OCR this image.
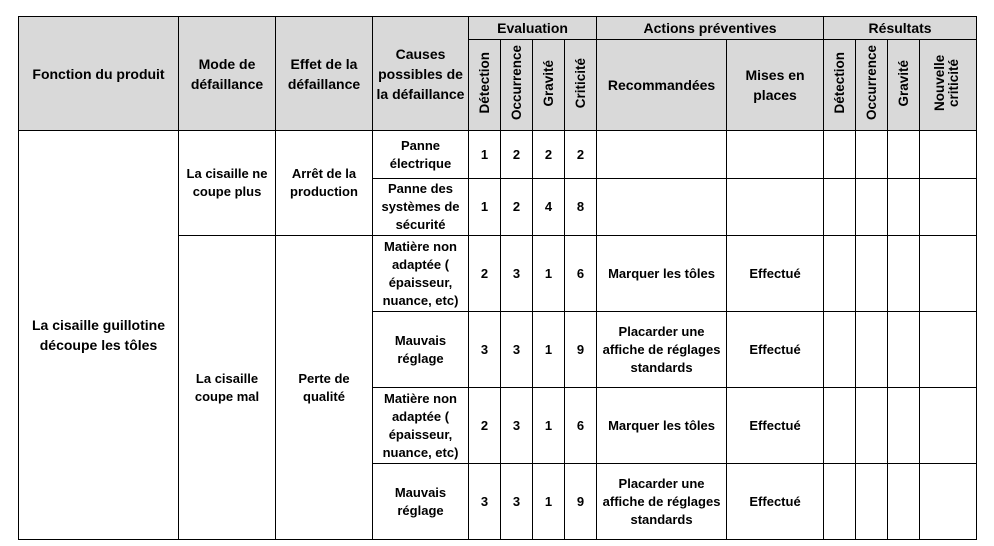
Fonction du produit	Mode de défaillance	Effet de la défaillance	Causes possibles de la défaillance	Evaluation				Actions préventives		Résultats			
				Détection	Occurrence	Gravité	Criticité	Recommandées	Mises en places	Détection	Occurrence	Gravité	Nouvelle criticité
La cisaille guillotine découpe les tôles	La cisaille ne coupe plus	Arrêt de la production	Panne électrique	1	2	2	2						
			Panne des systèmes de sécurité	1	2	4	8						
	La cisaille coupe mal	Perte de qualité	Matière non adaptée ( épaisseur, nuance, etc)	2	3	1	6	Marquer les tôles	Effectué				
			Mauvais réglage	3	3	1	9	Placarder une affiche de réglages standards	Effectué				
			Matière non adaptée ( épaisseur, nuance, etc)	2	3	1	6	Marquer les tôles	Effectué				
			Mauvais réglage	3	3	1	9	Placarder une affiche de réglages standards	Effectué				
